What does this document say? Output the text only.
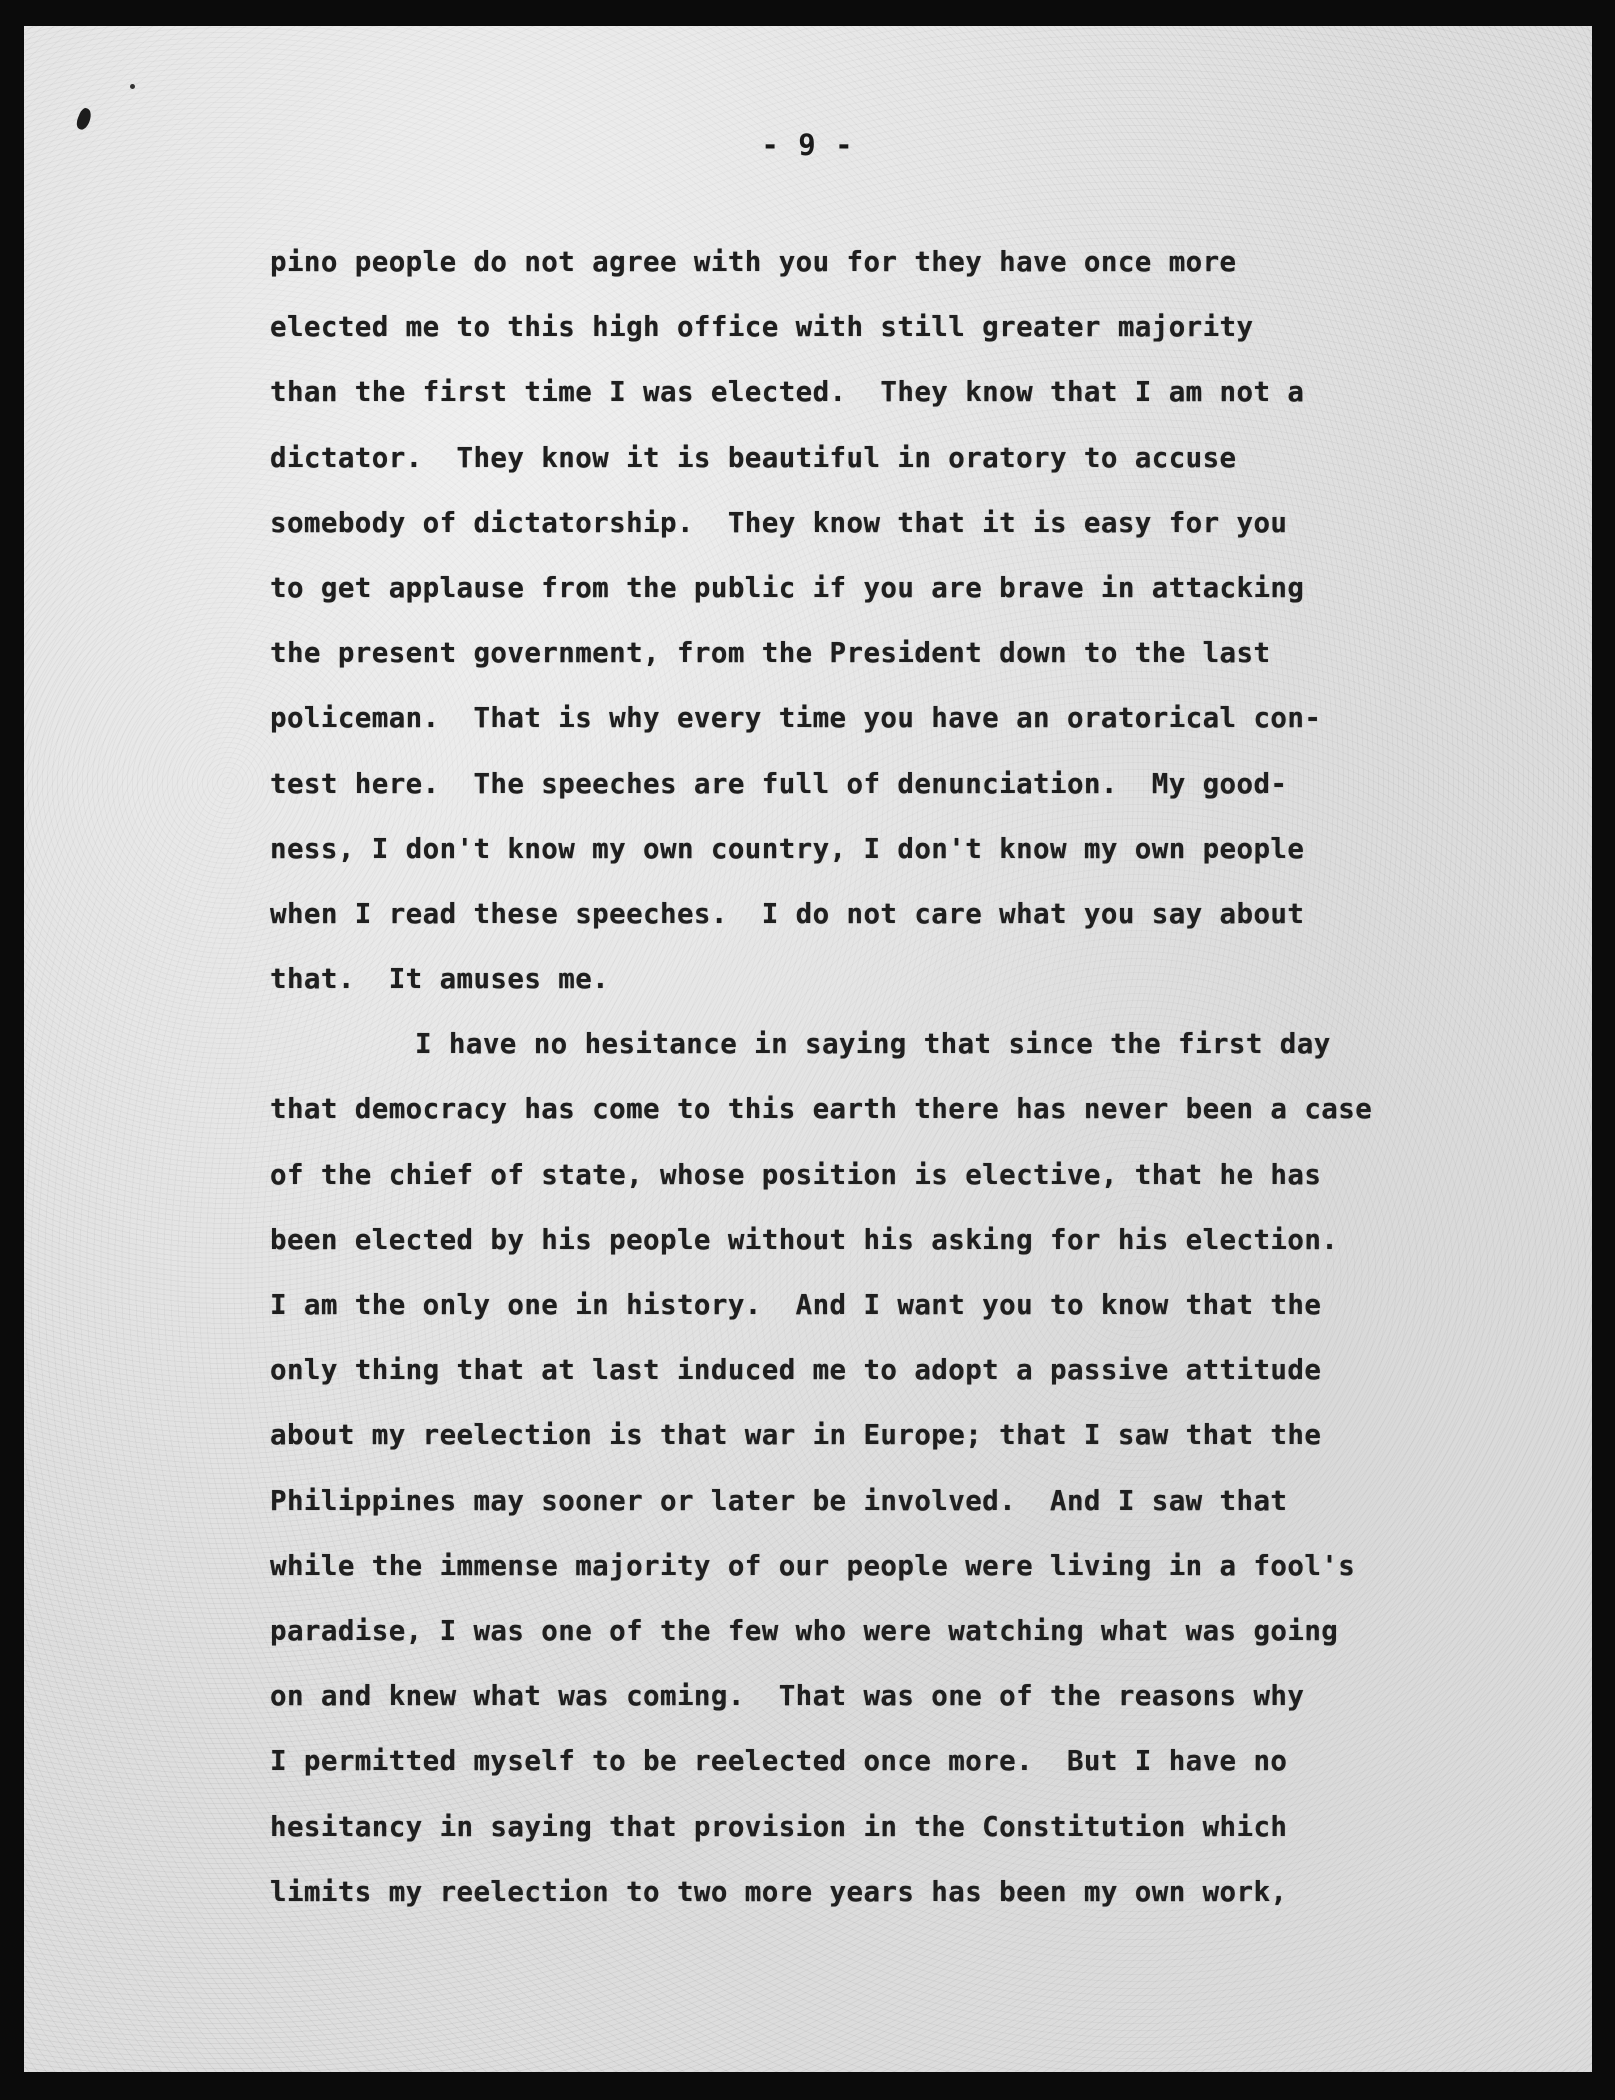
- 9 -
pino people do not agree with you for they have once more
elected me to this high office with still greater majority
than the first time I was elected.  They know that I am not a
dictator.  They know it is beautiful in oratory to accuse
somebody of dictatorship.  They know that it is easy for you
to get applause from the public if you are brave in attacking
the present government, from the President down to the last
policeman.  That is why every time you have an oratorical con-
test here.  The speeches are full of denunciation.  My good-
ness, I don't know my own country, I don't know my own people
when I read these speeches.  I do not care what you say about
that.  It amuses me.
I have no hesitance in saying that since the first day
that democracy has come to this earth there has never been a case
of the chief of state, whose position is elective, that he has
been elected by his people without his asking for his election.
I am the only one in history.  And I want you to know that the
only thing that at last induced me to adopt a passive attitude
about my reelection is that war in Europe; that I saw that the
Philippines may sooner or later be involved.  And I saw that
while the immense majority of our people were living in a fool's
paradise, I was one of the few who were watching what was going
on and knew what was coming.  That was one of the reasons why
I permitted myself to be reelected once more.  But I have no
hesitancy in saying that provision in the Constitution which
limits my reelection to two more years has been my own work,
